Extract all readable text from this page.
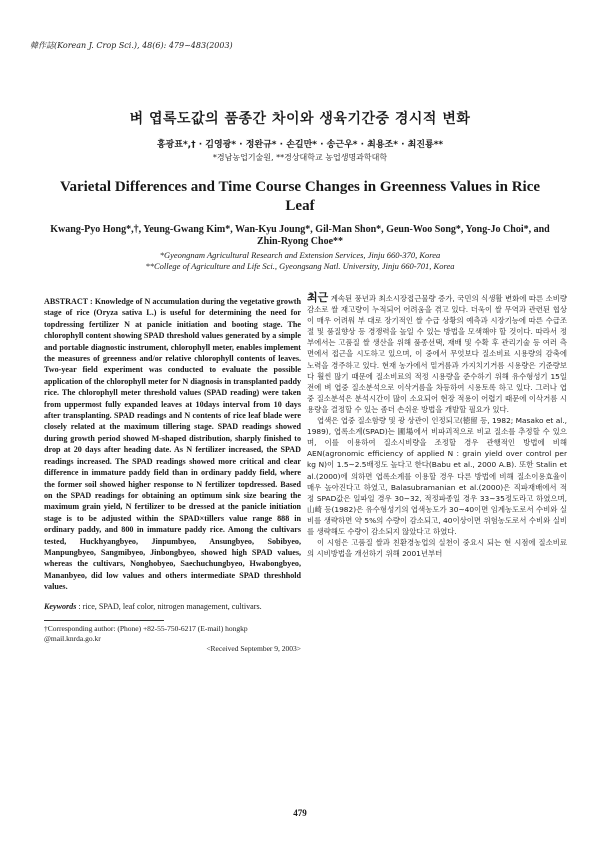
韓作誌(Korean J. Crop Sci.), 48(6): 479~483(2003)
벼 엽록도값의 품종간 차이와 생육기간중 경시적 변화
홍광표*,† · 김영광* · 정완규* · 손길만* · 송근우* · 최용조* · 최진룡**
*경남농업기술원, **경상대학교 농업생명과학대학
Varietal Differences and Time Course Changes in Greenness Values in Rice Leaf
Kwang-Pyo Hong*,†, Yeung-Gwang Kim*, Wan-Kyu Joung*, Gil-Man Shon*, Geun-Woo Song*, Yong-Jo Choi*, and Zhin-Ryong Choe**
*Gyeongnam Agricultural Research and Extension Services, Jinju 660-370, Korea
**College of Agriculture and Life Sci., Gyeongsang Natl. University, Jinju 660-701, Korea
ABSTRACT : Knowledge of N accumulation during the vegetative growth stage of rice (Oryza sativa L.) is useful for determining the need for topdressing fertilizer N at panicle initiation and booting stage. The chlorophyll content showing SPAD threshold values generated by a simple and portable diagnostic instrument, chlorophyll meter, enables implement the measures of greenness and/or relative chlorophyll contents of leaves. Two-year field experiment was conducted to evaluate the possible application of the chlorophyll meter for N diagnosis in transplanted paddy rice. The chlorophyll meter threshold values (SPAD reading) were taken from uppermost fully expanded leaves at 10days interval from 10 days after transplanting. SPAD readings and N contents of rice leaf blade were closely related at the maximum tillering stage. SPAD readings showed during growth period showed M-shaped distribution, sharply finished to drop at 20 days after heading date. As N fertilizer increased, the SPAD readings increased. The SPAD readings showed more critical and clear difference in immature paddy field than in ordinary paddy field, where the former soil showed higher response to N fertilizer topdressed. Based on the SPAD readings for obtaining an optimum sink size bearing the maximum grain yield, N fertilizer to be dressed at the panicle initiation stage is to be adjusted within the SPAD×tillers value range 888 in ordinary paddy, and 800 in immature paddy rice. Among the cultivars tested, Huckhyangbyeo, Jinpumbyeo, Ansungbyeo, Sobibyeo, Manpungbyeo, Sangmibyeo, Jinbongbyeo, showed high SPAD values, whereas the cultivars, Nonghobyeo, Saechuchungbyeo, Hwabongbyeo, Mananbyeo, did low values and others intermediate SPAD threshhold values.
Keywords : rice, SPAD, leaf color, nitrogen management, cultivars.
†Corresponding author: (Phone) +82-55-750-6217 (E-mail) hongkp @mail.knrda.go.kr
<Received September 9, 2003>

최근 계속된 풍년과 최소시장접근물량 증가, 국민의 식생활 변화에 따른 소비량 감소로 쌀 재고량이 누적되어 어려움을 겪고 있다. 더욱이 쌀 무역과 관련된 협상이 매우 어려워 부 대로 장기적인 쌀 수급 상황의 예측과 시장기능에 따른 수급조절 및 품질향상 등 경쟁력을 높일 수 있는 방법을 모색해야 할 것이다. 따라서 정부에서는 고품질 쌀 생산을 위해 품종선택, 재배 및 수확 후 관리기술 등 여러 측면에서 접근을 시도하고 있으며, 이 중에서 무엇보다 질소비료 시용량의 감축에 노력을 경주하고 있다. 현재 농가에서 밑거름과 가지치기거름 시용량은 기준량보다 훨씬 많기 때문에 질소비료의 적정 시용량을 준수하기 위해 유수형성기 15일전에 벼 엽중 질소분석으로 이삭거름을 차등하여 시용토록 하고 있다. 그러나 엽중 질소분석은 분석시간이 많이 소요되어 현장 적용이 어렵기 때문에 이삭거름 시용량을 결정할 수 있는 좀더 손쉬운 방법을 개발할 필요가 있다.

엽색은 엽중 질소함량 및 광 상관이 인정되고(徳留 등, 1982; Masako et al., 1989), 엽록소계(SPAD)는 圃場에서 비파괴적으로 비교 질소를 추정할 수 있으며, 이를 이용하여 질소시비량을 조정할 경우 관행적인 방법에 비해 AEN(agronomic efficiency of applied N : grain yield over control per kg N)이 1.5~2.5배정도 높다고 한다(Babu et al., 2000 A.B). 또한 Stalin et al.(2000)에 의하면 엽록소계를 이용할 경우 다른 방법에 비해 질소이용효율이 매우 높아진다고 하였고, Balasubramanian et al.(2000)은 직파재배에서 적정 SPAD값은 일파일 경우 30~32, 적정파종일 경우 33~35정도라고 하였으며, 山崎 등(1982)은 유수형성기의 엽색농도가 30~40이면 임계농도로서 수비와 실비를 생략하면 약 5%의 수량이 감소되고, 40이상이면 위험농도로서 수비와 실비를 생략해도 수량이 감소되지 않았다고 하였다.

이 시험은 고품질 쌀과 친환경농업의 실천이 중요시 되는 현 시점에 질소비료의 시비방법을 개선하기 위해 2001년부터

479
